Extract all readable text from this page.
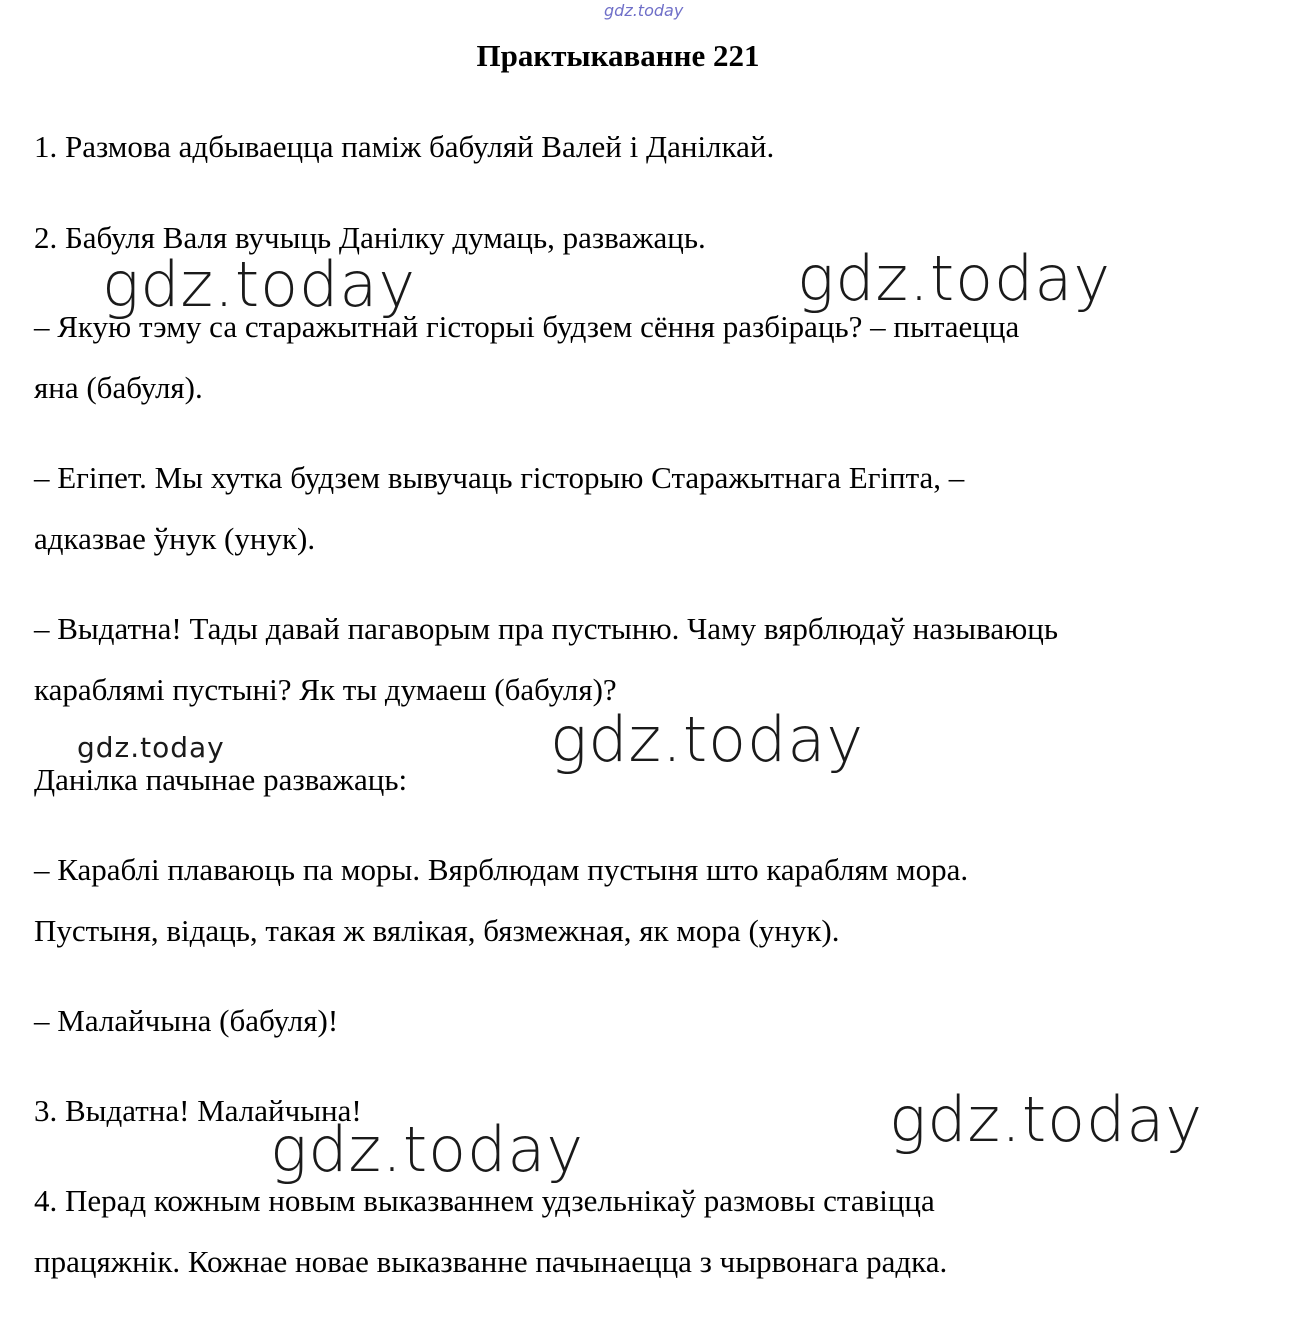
gdz.today
Практыкаванне 221
1. Размова адбываецца паміж бабуляй Валей і Данілкай.
2. Бабуля Валя вучыць Данілку думаць, разважаць.
– Якую тэму са старажытнай гісторыі будзем сёння разбіраць? – пытаецца
яна (бабуля).
– Егіпет. Мы хутка будзем вывучаць гісторыю Старажытнага Егіпта, –
адказвае ўнук (унук).
– Выдатна! Тады давай пагаворым пра пустыню. Чаму вярблюдаў называюць
караблямі пустыні? Як ты думаеш (бабуля)?
Данілка пачынае разважаць:
– Караблі плаваюць па моры. Вярблюдам пустыня што караблям мора.
Пустыня, відаць, такая ж вялікая, бязмежная, як мора (унук).
– Малайчына (бабуля)!
3. Выдатна! Малайчына!
4. Перад кожным новым выказваннем удзельнікаў размовы ставіцца
працяжнік. Кожнае новае выказванне пачынаецца з чырвонага радка.
gdz.today	gdz.today
gdz.today
gdz.today
gdz.today
gdz.today
